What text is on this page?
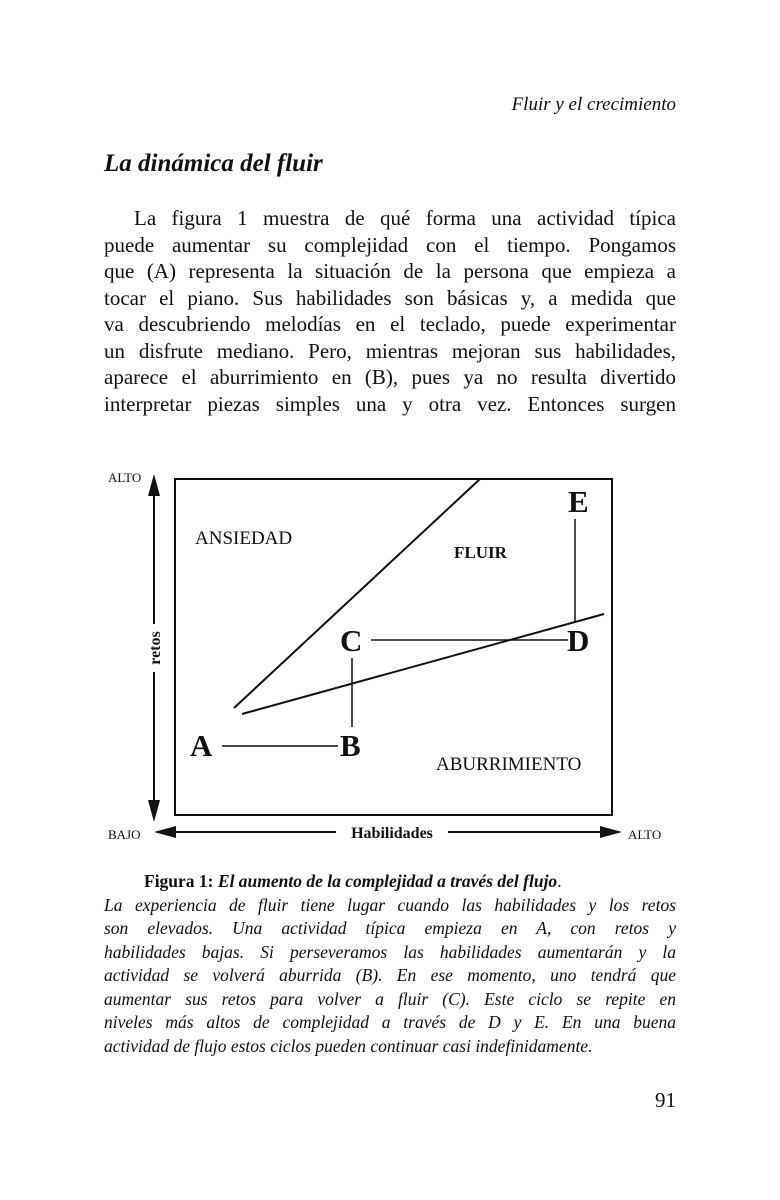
Fluir y el crecimiento
La dinámica del fluir
La figura 1 muestra de qué forma una actividad típica
puede aumentar su complejidad con el tiempo. Pongamos
que (A) representa la situación de la persona que empieza a
tocar el piano. Sus habilidades son básicas y, a medida que
va descubriendo melodías en el teclado, puede experimentar
un disfrute mediano. Pero, mientras mejoran sus habilidades,
aparece el aburrimiento en (B), pues ya no resulta divertido
interpretar piezas simples una y otra vez. Entonces surgen
retos
ALTO
BAJO	Habilidades	ALTO
ANSIEDAD
FLUIR
ABURRIMIENTO
A	B
C	D
E
Figura 1: El aumento de la complejidad a través del flujo.
La experiencia de fluir tiene lugar cuando las habilidades y los retos
son elevados. Una actividad típica empieza en A, con retos y
habilidades bajas. Si perseveramos las habilidades aumentarán y la
actividad se volverá aburrida (B). En ese momento, uno tendrá que
aumentar sus retos para volver a fluir (C). Este ciclo se repite en
niveles más altos de complejidad a través de D y E. En una buena
actividad de flujo estos ciclos pueden continuar casi indefinidamente.
91
